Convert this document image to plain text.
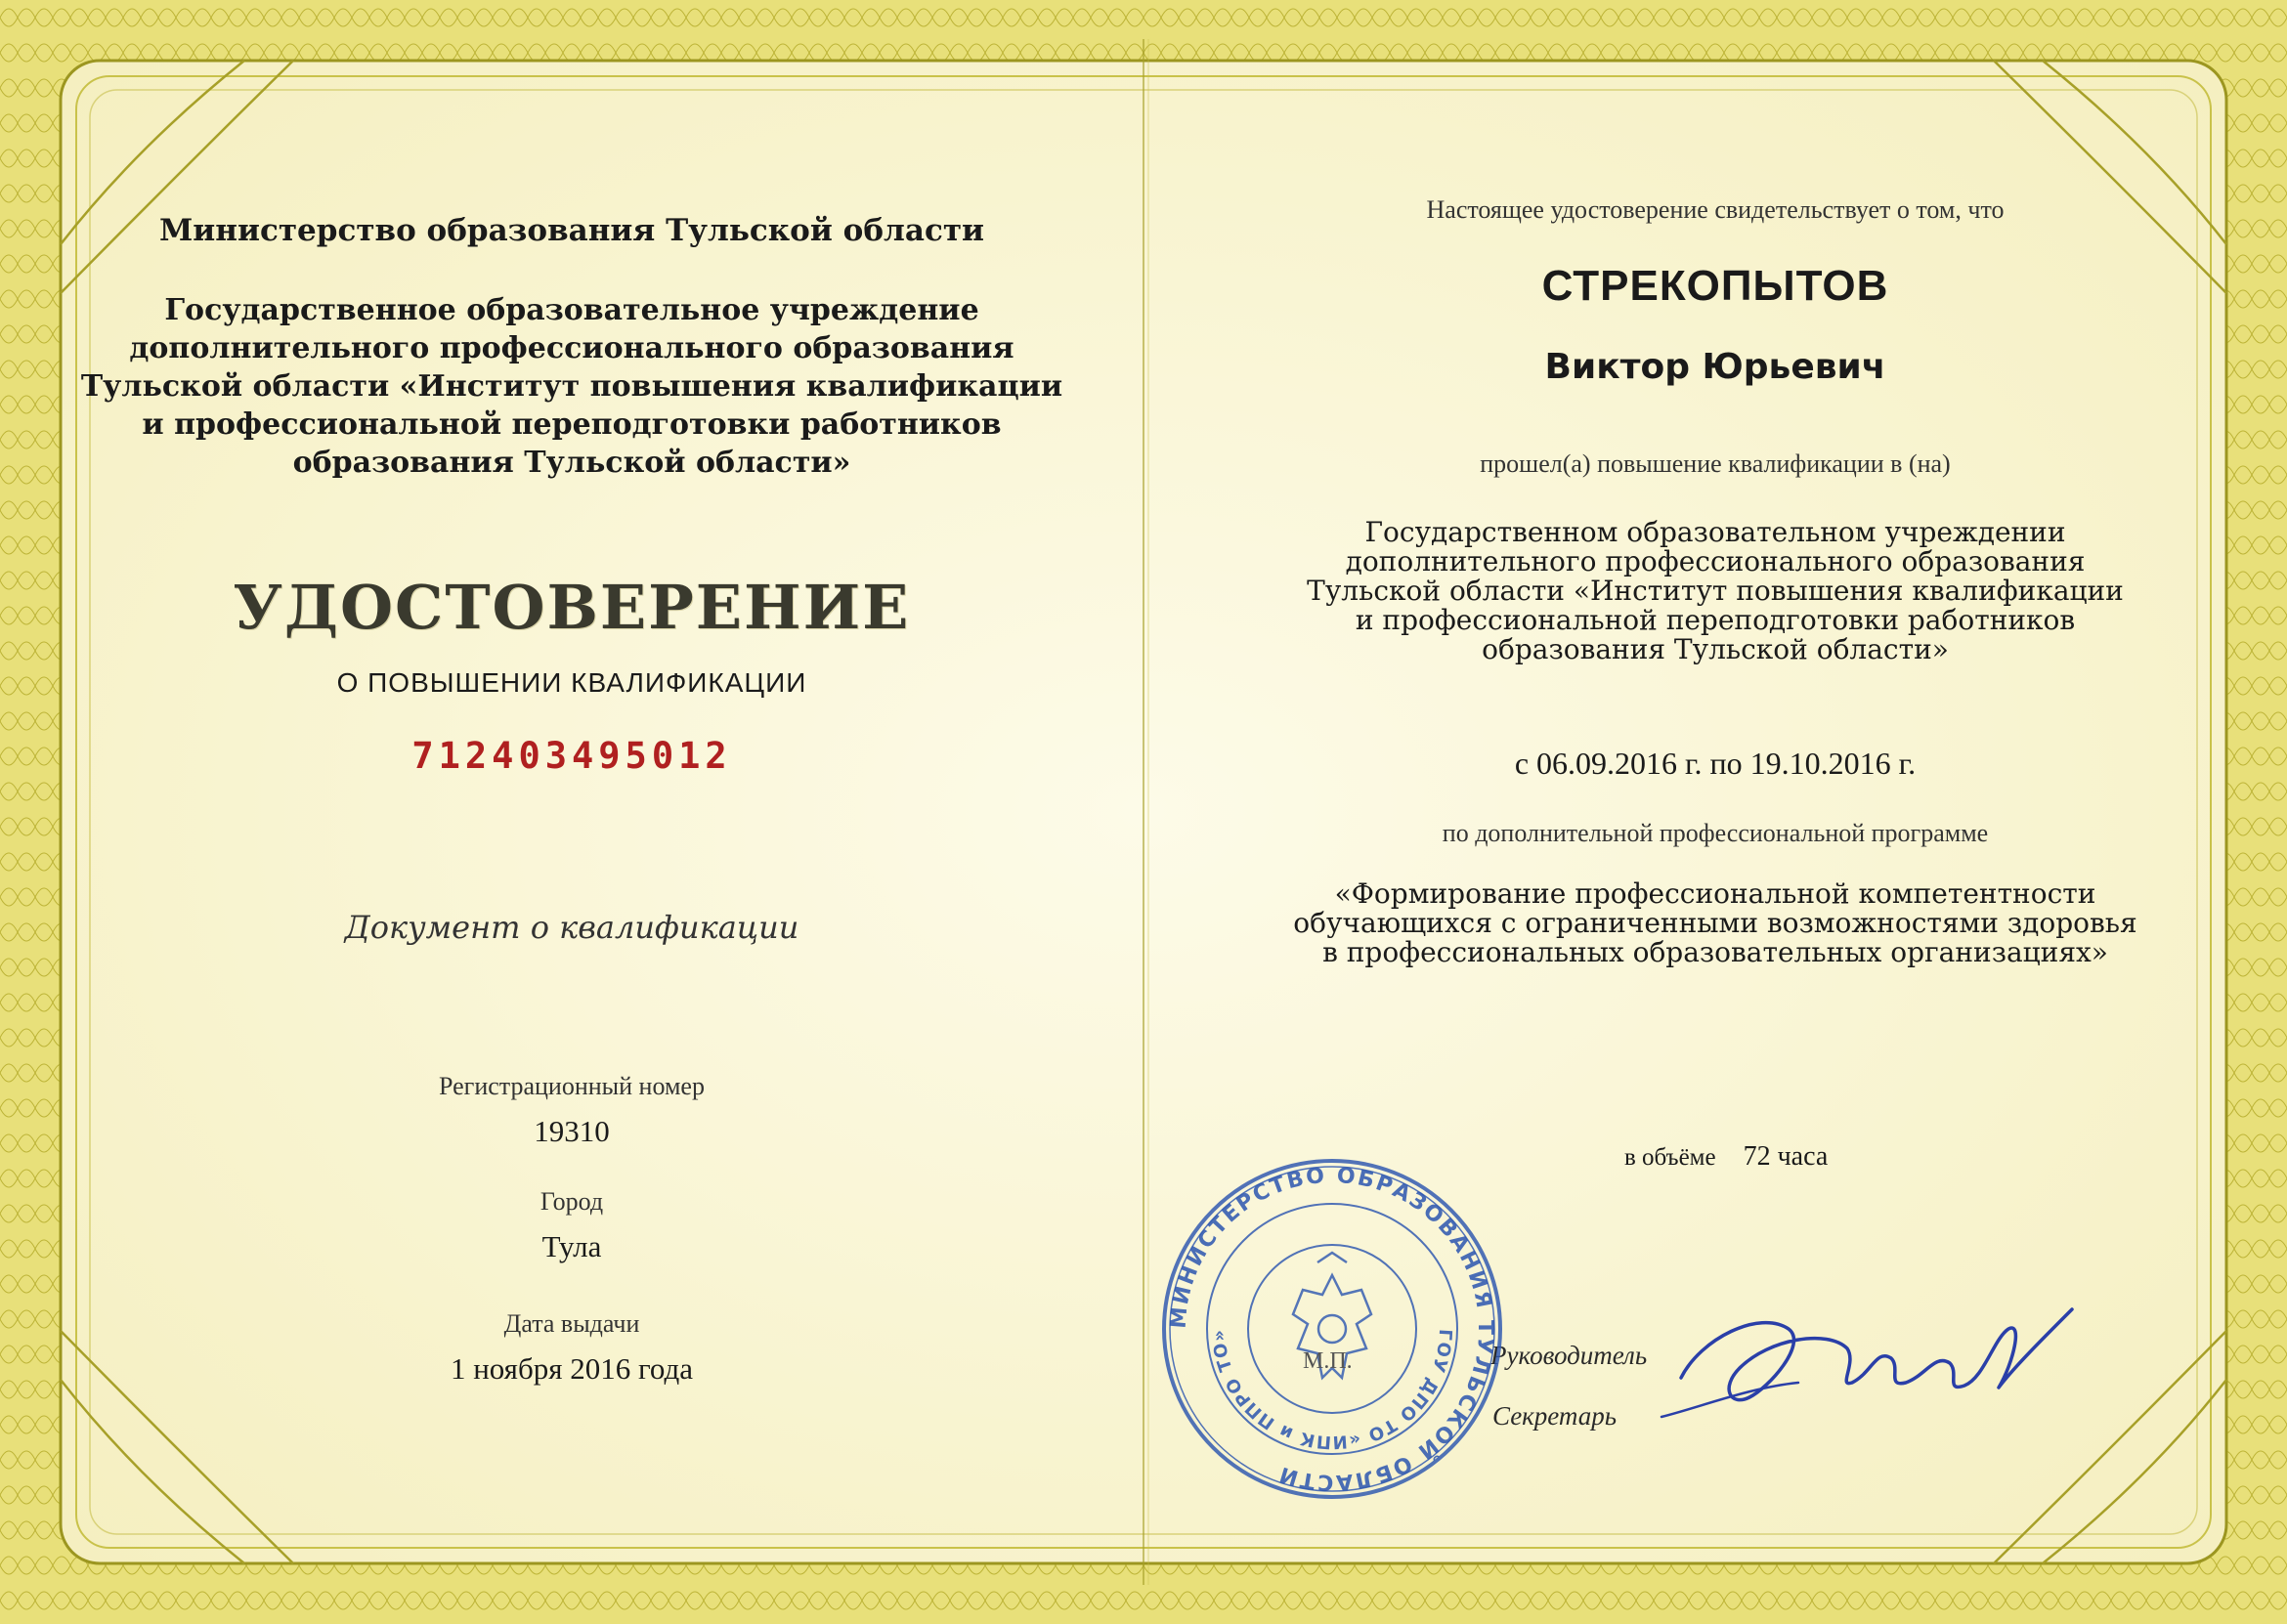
Министерство образования Тульской области
Государственное образовательное учреждение
дополнительного профессионального образования
Тульской области «Институт повышения квалификации
и профессиональной переподготовки работников
образования Тульской области»
УДОСТОВЕРЕНИЕ
О ПОВЫШЕНИИ КВАЛИФИКАЦИИ
712403495012
Документ о квалификации
Регистрационный номер
19310
Город
Тула
Дата выдачи
1 ноября 2016 года
Настоящее удостоверение свидетельствует о том, что
СТРЕКОПЫТОВ
Виктор Юрьевич
прошел(а) повышение квалификации в (на)
Государственном образовательном учреждении
дополнительного профессионального образования
Тульской области «Институт повышения квалификации
и профессиональной переподготовки работников
образования Тульской области»
с 06.09.2016 г. по 19.10.2016 г.
по дополнительной профессиональной программе
«Формирование профессиональной компетентности
обучающихся с ограниченными возможностями здоровья
в профессиональных образовательных организациях»
в объёме 72 часа
Руководитель
Секретарь
МИНИСТЕРСТВО ОБРАЗОВАНИЯ ТУЛЬСКОЙ ОБЛАСТИ
ГОУ ДПО ТО «ИПК и ППРО ТО»
М.П.
